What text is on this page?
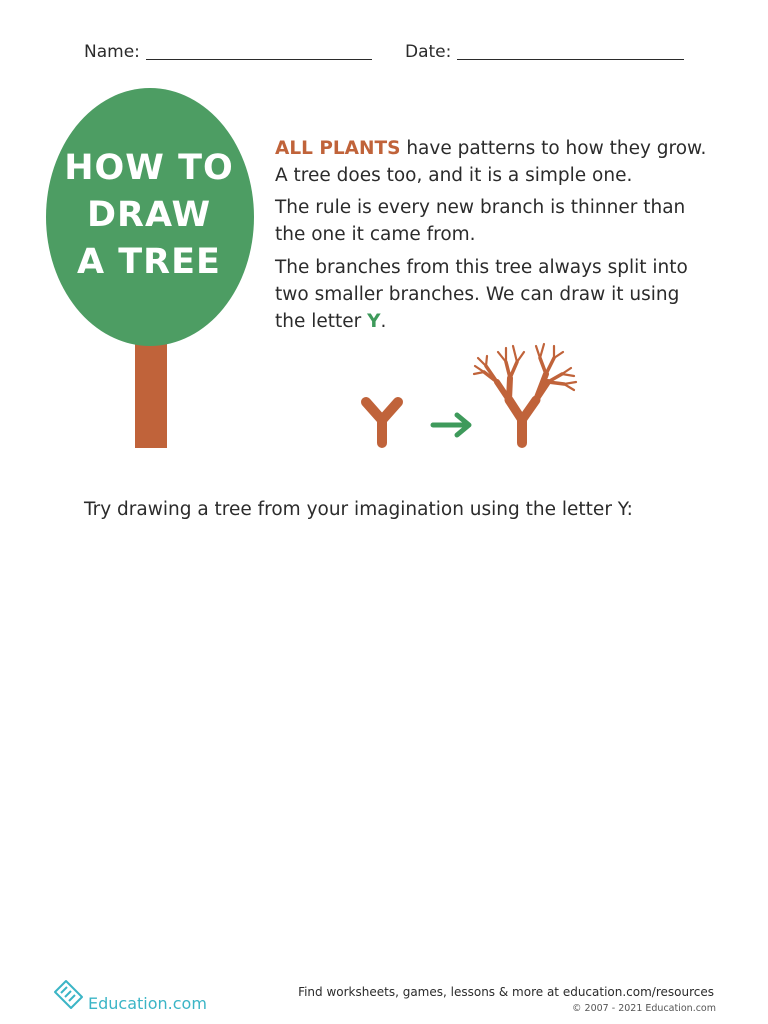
Name:	Date:
HOW TO
DRAW
A TREE
ALL PLANTS have patterns to how they grow. A tree does too, and it is a simple one.
The rule is every new branch is thinner than the one it came from.
The branches from this tree always split into two smaller branches. We can draw it using the letter Y.
Try drawing a tree from your imagination using the letter Y:
Education.com
Find worksheets, games, lessons & more at education.com/resources
© 2007 - 2021 Education.com
